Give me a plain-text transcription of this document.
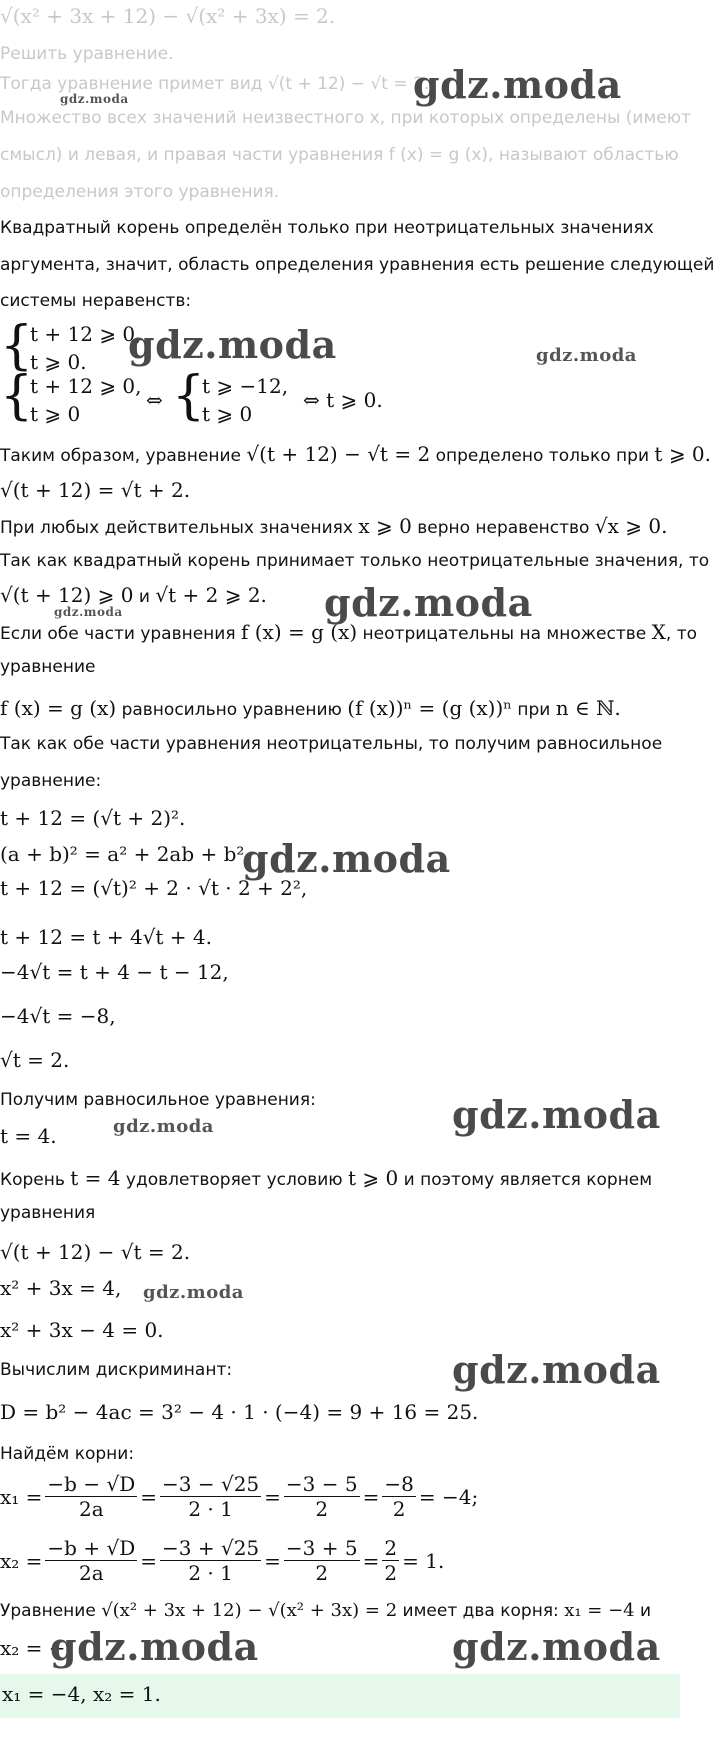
√(x² + 3x + 12) − √(x² + 3x) = 2.
Решить уравнение.
Тогда уравнение примет вид √(t + 12) − √t = 2.
Множество всех значений неизвестного x, при которых определены (имеют
смысл) и левая, и правая части уравнения f (x) = g (x), называют областью
определения этого уравнения.
Квадратный корень определён только при неотрицательных значениях
аргумента, значит, область определения уравнения есть решение следующей
системы неравенств:
{
t + 12 ⩾ 0,
t ⩾ 0.
{
t + 12 ⩾ 0,
t ⩾ 0
⇔ {
t ⩾ −12,
t ⩾ 0
⇔ t ⩾ 0.
Таким образом, уравнение √(t + 12) − √t = 2 определено только при t ⩾ 0.
√(t + 12) = √t + 2.
При любых действительных значениях x ⩾ 0 верно неравенство √x ⩾ 0.
Так как квадратный корень принимает только неотрицательные значения, то
√(t + 12) ⩾ 0 и √t + 2 ⩾ 2.
Если обе части уравнения f (x) = g (x) неотрицательны на множестве X, то
уравнение
f (x) = g (x) равносильно уравнению (f (x))ⁿ = (g (x))ⁿ при n ∈ ℕ.
Так как обе части уравнения неотрицательны, то получим равносильное
уравнение:
t + 12 = (√t + 2)².
(a + b)² = a² + 2ab + b².
t + 12 = (√t)² + 2 · √t · 2 + 2²,
t + 12 = t + 4√t + 4.
−4√t = t + 4 − t − 12,
−4√t = −8,
√t = 2.
Получим равносильное уравнения:
t = 4.
Корень t = 4 удовлетворяет условию t ⩾ 0 и поэтому является корнем
уравнения
√(t + 12) − √t = 2.
x² + 3x = 4,
x² + 3x − 4 = 0.
Вычислим дискриминант:
D = b² − 4ac = 3² − 4 · 1 · (−4) = 9 + 16 = 25.
Найдём корни:
$x_1 = \frac{-b - √D}{2a} = \frac{-3 - √25}{2 \cdot 1} = \frac{-3 - 5}{2} = \frac{-8}{2} = -4$;
$x_2 = \frac{-b + √D}{2a} = \frac{-3 + √25}{2 \cdot 1} = \frac{-3 + 5}{2} = \frac{2}{2} = 1$.
Уравнение √(x² + 3x + 12) − √(x² + 3x) = 2 имеет два корня: x₁ = −4 и
x₂ = −
x₁ = −4, x₂ = 1.
gdz.moda
gdz.moda
gdz.moda	gdz.moda
gdz.moda	gdz.moda
gdz.moda
gdz.moda
gdz.moda
gdz.moda
gdz.moda
gdz.moda	gdz.moda
